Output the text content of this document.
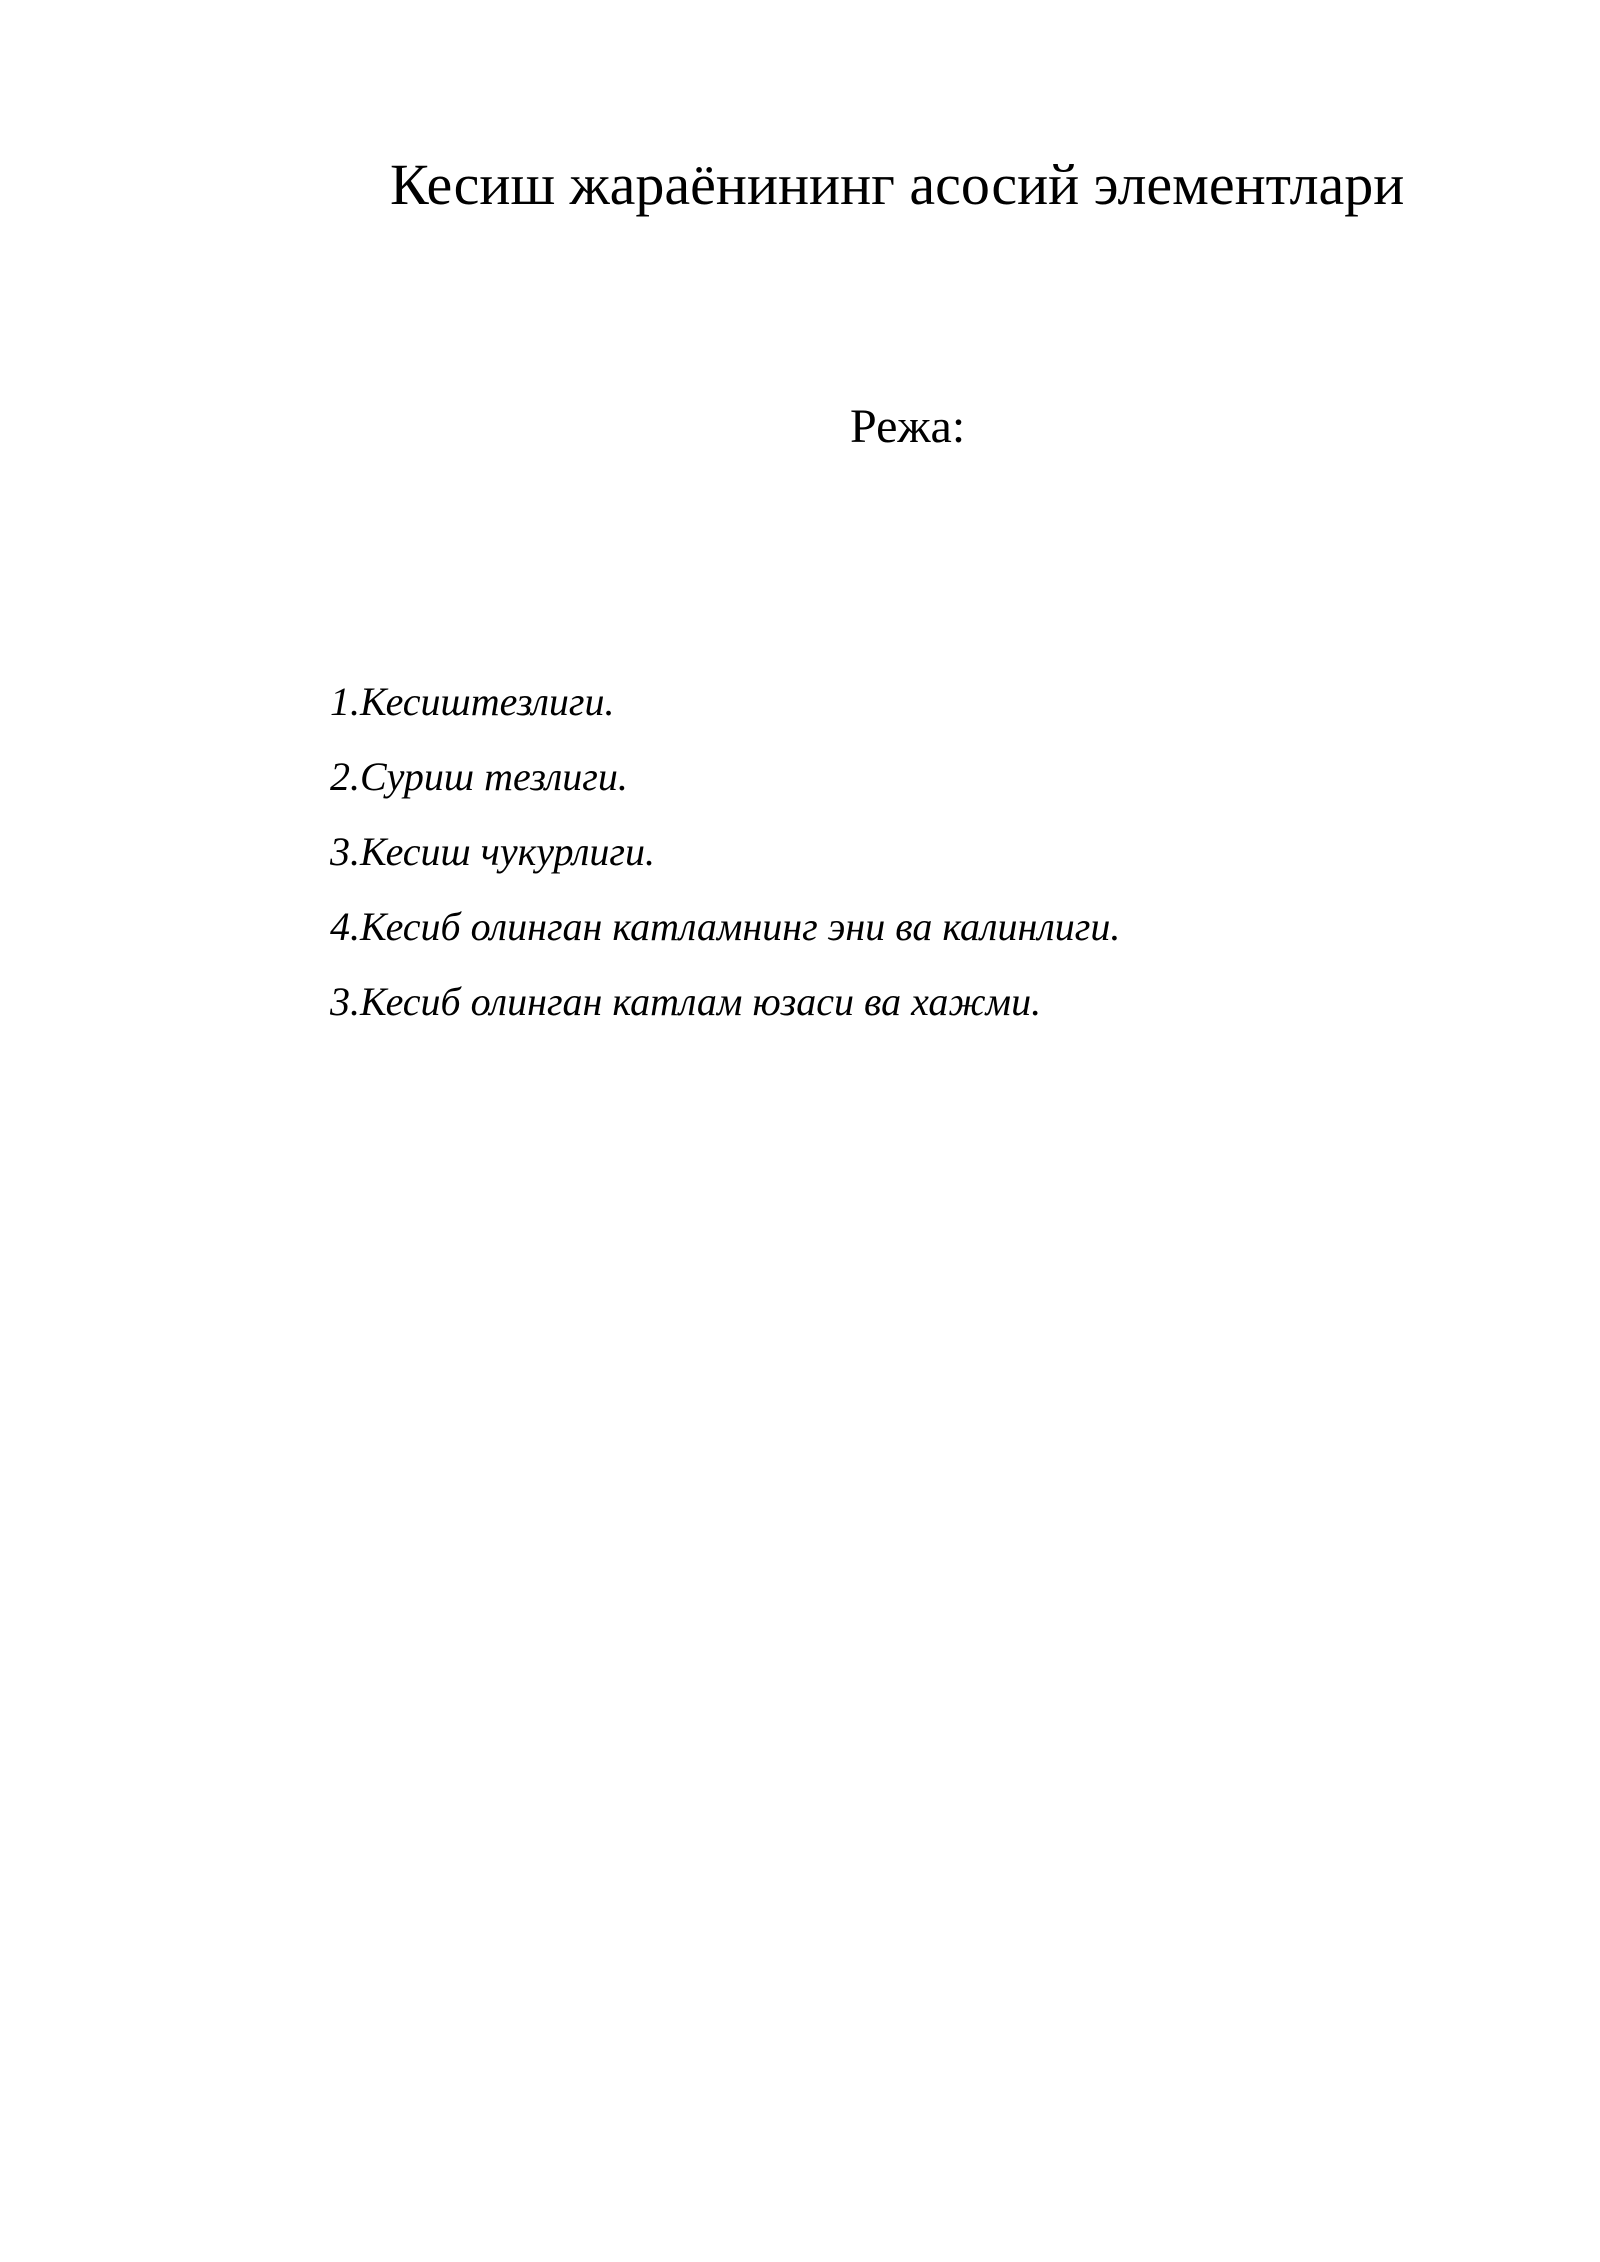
Кесиш жараёнининг асосий элементлари
Режа:
1.Кесиштезлиги.
2.Суриш тезлиги.
3.Кесиш чукурлиги.
4.Кесиб олинган катламнинг эни ва калинлиги.
3.Кесиб олинган катлам юзаси ва хажми.
